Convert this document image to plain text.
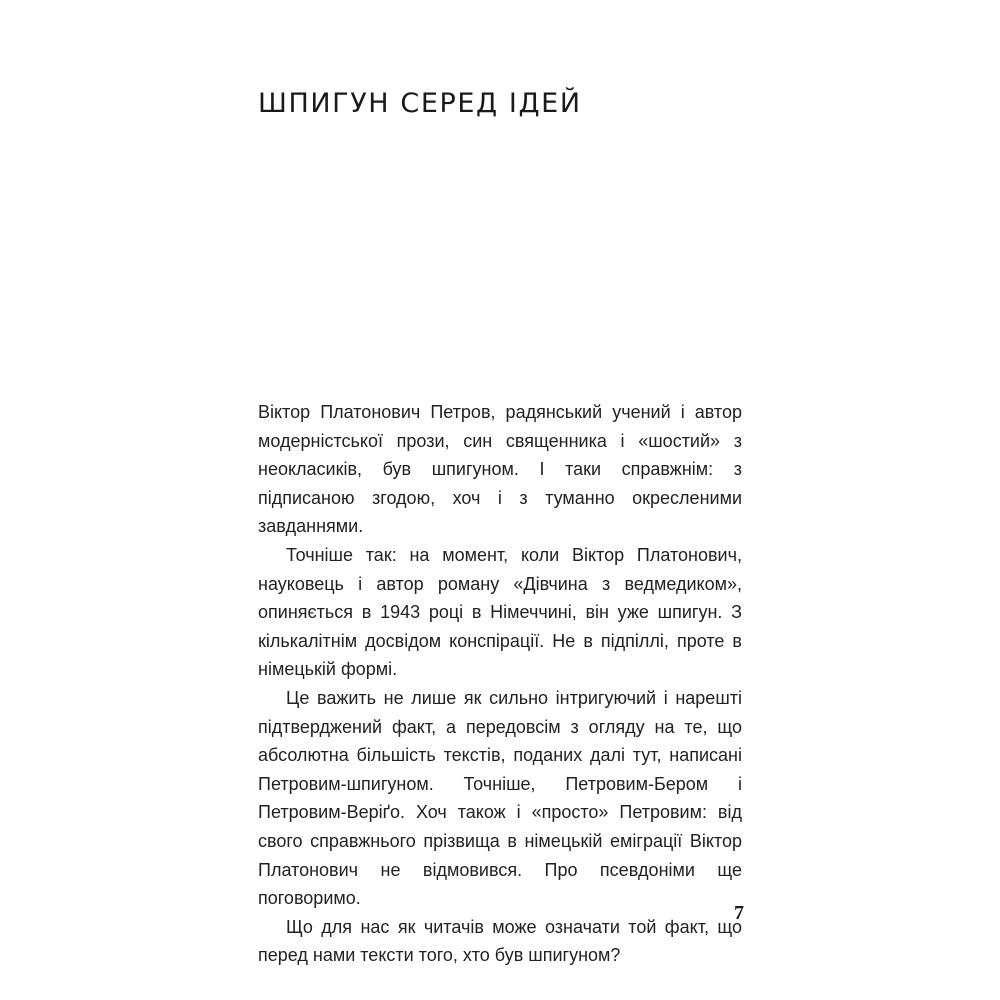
ШПИГУН СЕРЕД ІДЕЙ

Віктор Платонович Петров, радянський учений і автор модерністської прози, син священника і «шостий» з неокласиків, був шпигуном. І таки справжнім: з підписаною згодою, хоч і з туманно окресленими завданнями.

Точніше так: на момент, коли Віктор Платонович, науковець і автор роману «Дівчина з ведмедиком», опиняється в 1943 році в Німеччині, він уже шпигун. З кількалітнім досвідом конспірації. Не в підпіллі, проте в німецькій формі.

Це важить не лише як сильно інтригуючий і нарешті підтверджений факт, а передовсім з огляду на те, що абсолютна більшість текстів, поданих далі тут, написані Петровим-шпигуном. Точніше, Петровим-Бером і Петровим-Верiґо. Хоч також і «просто» Петровим: від свого справжнього прізвища в німецькій еміграції Віктор Платонович не відмовився. Про псевдоніми ще поговоримо.

Що для нас як читачів може означати той факт, що перед нами тексти того, хто був шпигуном?

7
